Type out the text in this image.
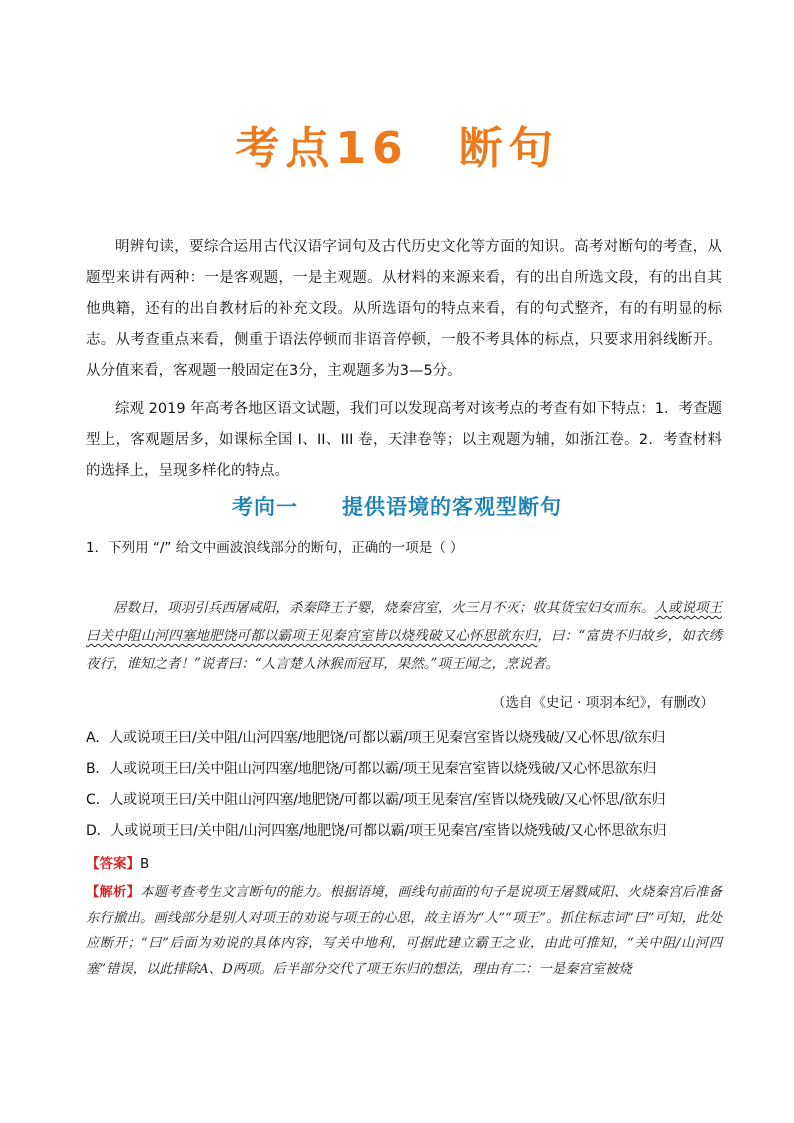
考点16 断句

明辨句读，要综合运用古代汉语字词句及古代历史文化等方面的知识。高考对断句的考查，从题型来讲有两种：一是客观题，一是主观题。从材料的来源来看，有的出自所选文段，有的出自其他典籍，还有的出自教材后的补充文段。从所选语句的特点来看，有的句式整齐，有的有明显的标志。从考查重点来看，侧重于语法停顿而非语音停顿，一般不考具体的标点，只要求用斜线断开。从分值来看，客观题一般固定在3分，主观题多为3—5分。

综观 2019 年高考各地区语文试题，我们可以发现高考对该考点的考查有如下特点：1．考查题型上，客观题居多，如课标全国 I、II、III 卷，天津卷等；以主观题为辅，如浙江卷。2．考查材料的选择上，呈现多样化的特点。

考向一 提供语境的客观型断句

1．下列用 “/” 给文中画波浪线部分的断句，正确的一项是（ ）

居数日，项羽引兵西屠咸阳，杀秦降王子婴，烧秦宫室，火三月不灭；收其货宝妇女而东。人或说项王曰关中阻山河四塞地肥饶可都以霸项王见秦宫室皆以烧残破又心怀思欲东归，曰：“富贵不归故乡，如衣绣夜行，谁知之者！”说者曰：“人言楚人沐猴而冠耳，果然。”项王闻之，烹说者。

（选自《史记 · 项羽本纪》，有删改）
A．人或说项王曰/关中阻/山河四塞/地肥饶/可都以霸/项王见秦宫室皆以烧残破/又心怀思/欲东归
B．人或说项王曰/关中阻山河四塞/地肥饶/可都以霸/项王见秦宫室皆以烧残破/又心怀思欲东归
C．人或说项王曰/关中阻山河四塞/地肥饶/可都以霸/项王见秦宫/室皆以烧残破/又心怀思/欲东归
D．人或说项王曰/关中阻/山河四塞/地肥饶/可都以霸/项王见秦宫/室皆以烧残破/又心怀思欲东归
【答案】B

【解析】本题考查考生文言断句的能力。根据语境，画线句前面的句子是说项王屠戮咸阳、火烧秦宫后准备东行撤出。画线部分是别人对项王的劝说与项王的心思，故主语为“人”“项王”。抓住标志词“曰”可知，此处应断开；“曰”后面为劝说的具体内容，写关中地利，可据此建立霸王之业，由此可推知，“关中阻/山河四塞”错误，以此排除A、D两项。后半部分交代了项王东归的想法，理由有二：一是秦宫室被烧
